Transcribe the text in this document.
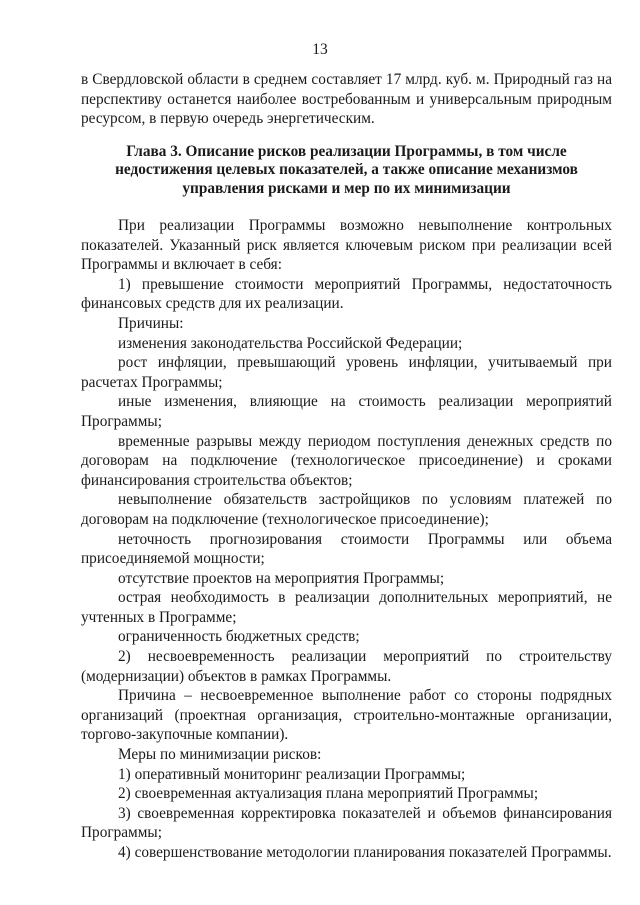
13

в Свердловской области в среднем составляет 17 млрд. куб. м. Природный газ на перспективу останется наиболее востребованным и универсальным природным ресурсом, в первую очередь энергетическим.

Глава 3. Описание рисков реализации Программы, в том числе
недостижения целевых показателей, а также описание механизмов
управления рисками и мер по их минимизации

При реализации Программы возможно невыполнение контрольных показателей. Указанный риск является ключевым риском при реализации всей Программы и включает в себя:

1) превышение стоимости мероприятий Программы, недостаточность финансовых средств для их реализации.

Причины:

изменения законодательства Российской Федерации;

рост инфляции, превышающий уровень инфляции, учитываемый при расчетах Программы;

иные изменения, влияющие на стоимость реализации мероприятий Программы;

временные разрывы между периодом поступления денежных средств по договорам на подключение (технологическое присоединение) и сроками финансирования строительства объектов;

невыполнение обязательств застройщиков по условиям платежей по договорам на подключение (технологическое присоединение);

неточность прогнозирования стоимости Программы или объема присоединяемой мощности;

отсутствие проектов на мероприятия Программы;

острая необходимость в реализации дополнительных мероприятий, не учтенных в Программе;

ограниченность бюджетных средств;

2) несвоевременность реализации мероприятий по строительству (модернизации) объектов в рамках Программы.

Причина – несвоевременное выполнение работ со стороны подрядных организаций (проектная организация, строительно-монтажные организации, торгово-закупочные компании).

Меры по минимизации рисков:

1) оперативный мониторинг реализации Программы;

2) своевременная актуализация плана мероприятий Программы;

3) своевременная корректировка показателей и объемов финансирования Программы;

4) совершенствование методологии планирования показателей Программы.
